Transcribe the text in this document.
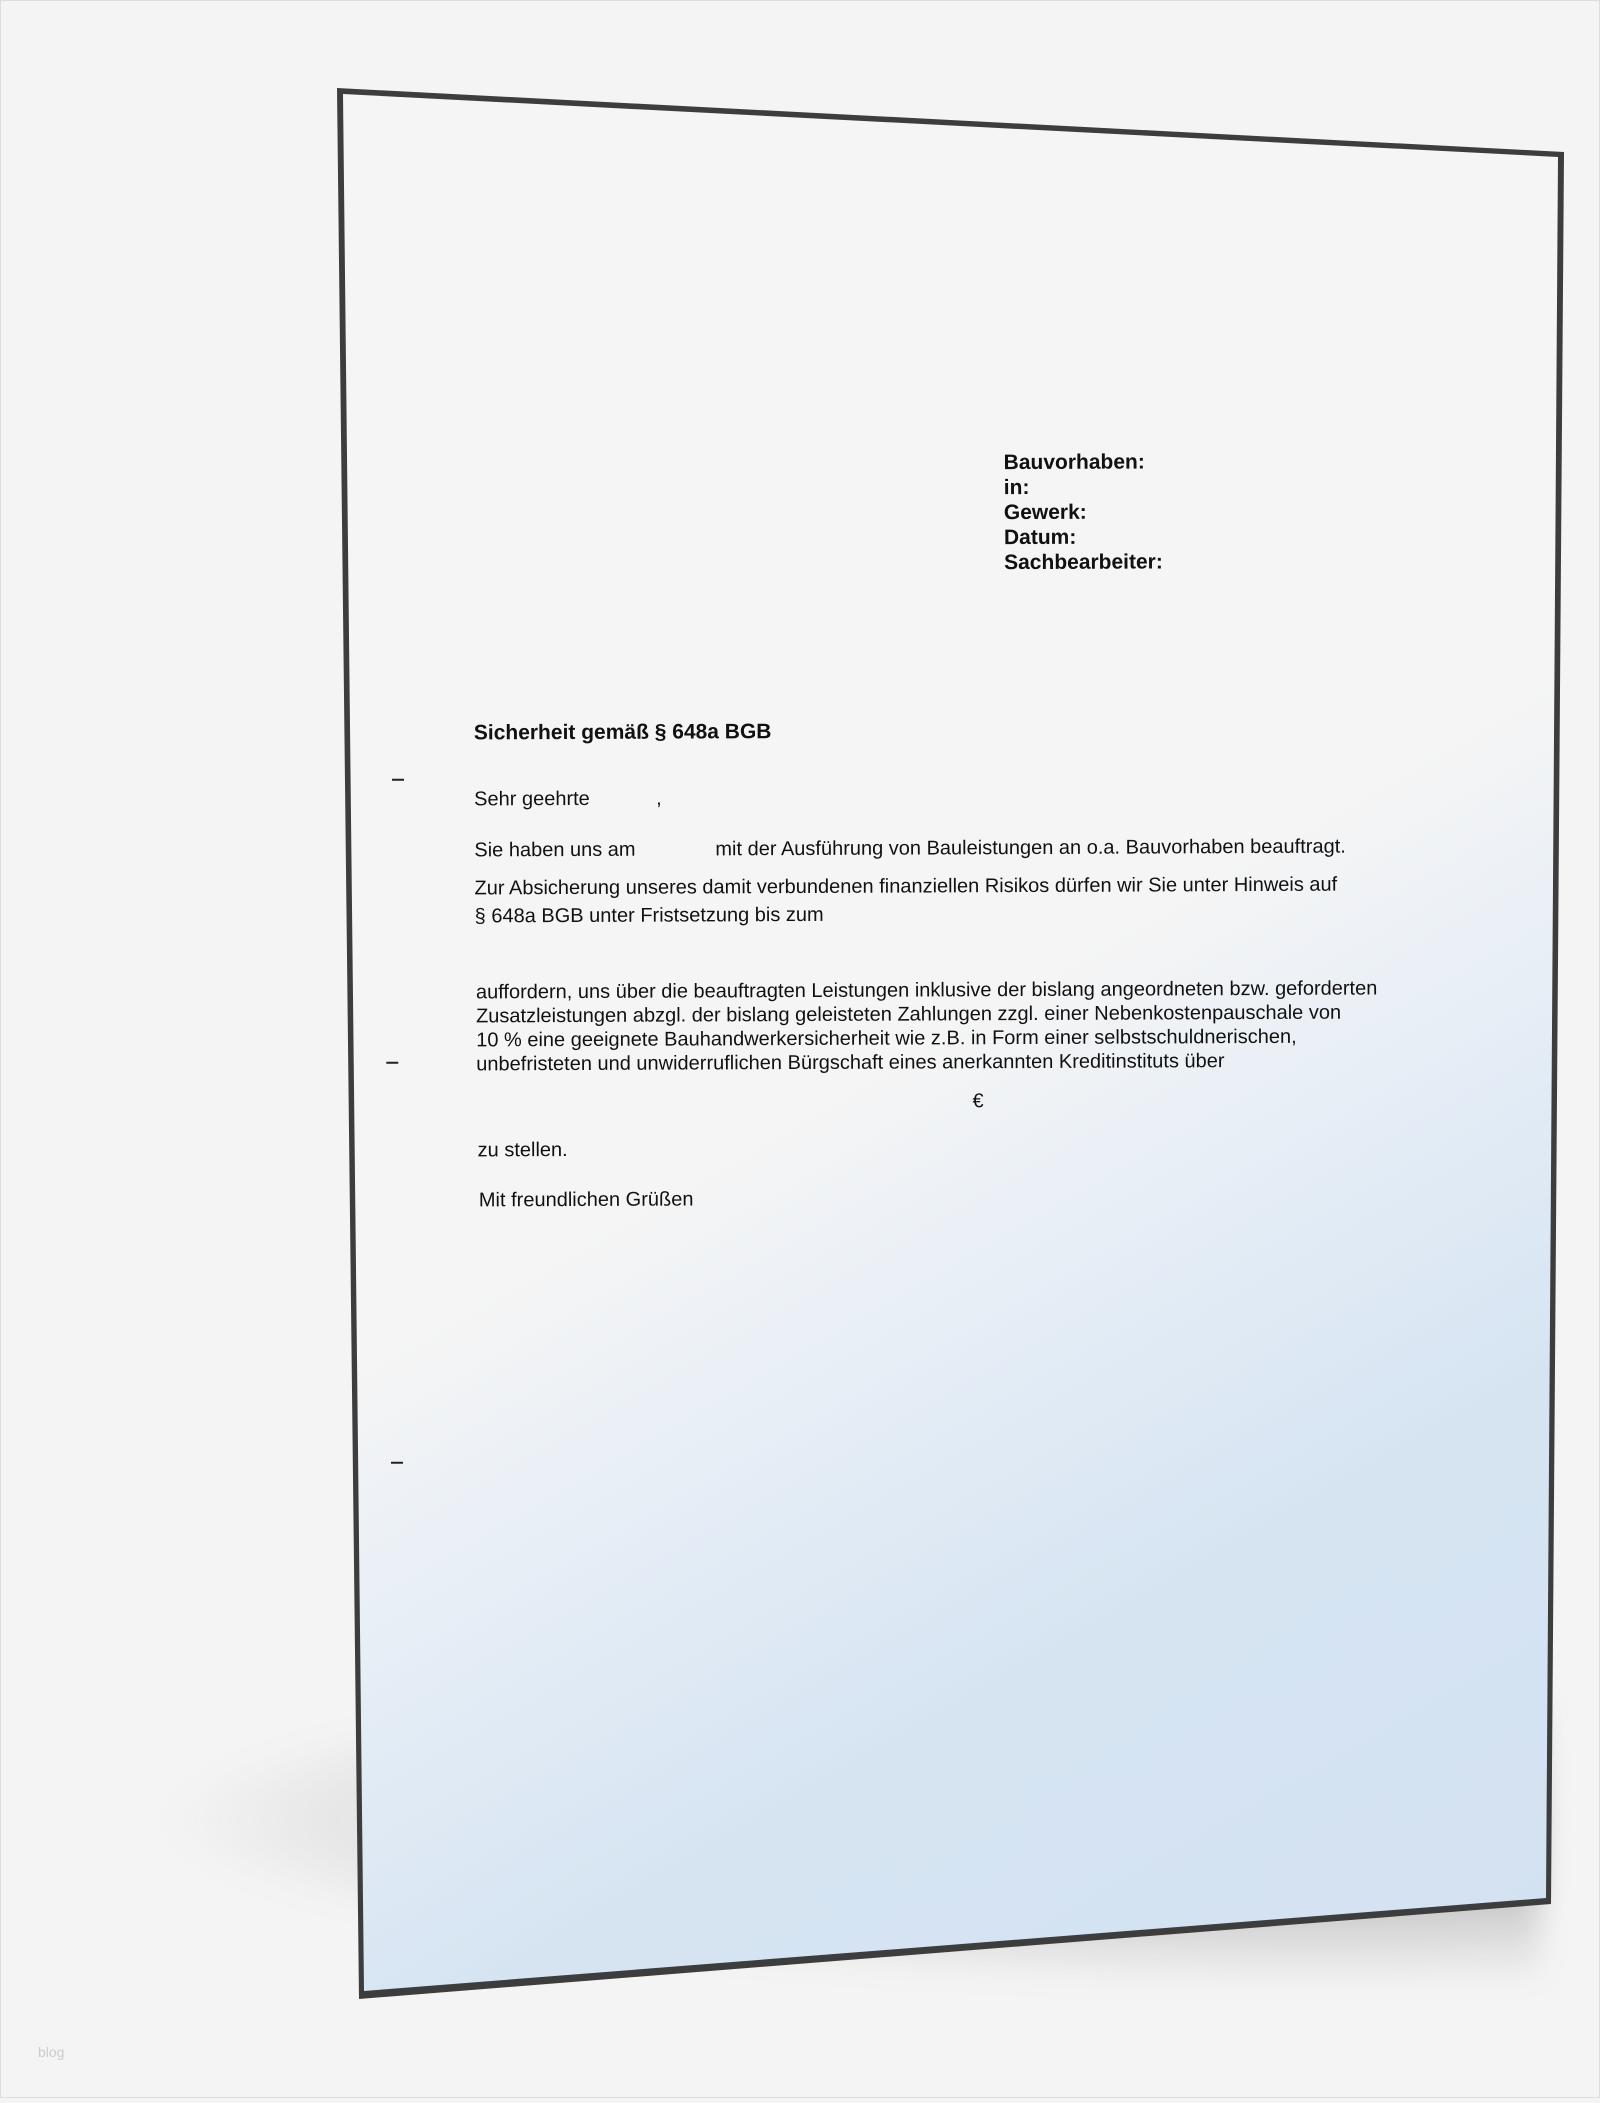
Bauvorhaben:
in:
Gewerk:
Datum:
Sachbearbeiter:
Sicherheit gemäß § 648a BGB
Sehr geehrte	,
Sie haben uns am	mit der Ausführung von Bauleistungen an o.a. Bauvorhaben beauftragt.
Zur Absicherung unseres damit verbundenen finanziellen Risikos dürfen wir Sie unter Hinweis auf
§ 648a BGB unter Fristsetzung bis zum
auffordern, uns über die beauftragten Leistungen inklusive der bislang angeordneten bzw. geforderten
Zusatzleistungen abzgl. der bislang geleisteten Zahlungen zzgl. einer Nebenkostenpauschale von
10 % eine geeignete Bauhandwerkersicherheit wie z.B. in Form einer selbstschuldnerischen,
unbefristeten und unwiderruflichen Bürgschaft eines anerkannten Kreditinstituts über
€
zu stellen.
Mit freundlichen Grüßen
blog
